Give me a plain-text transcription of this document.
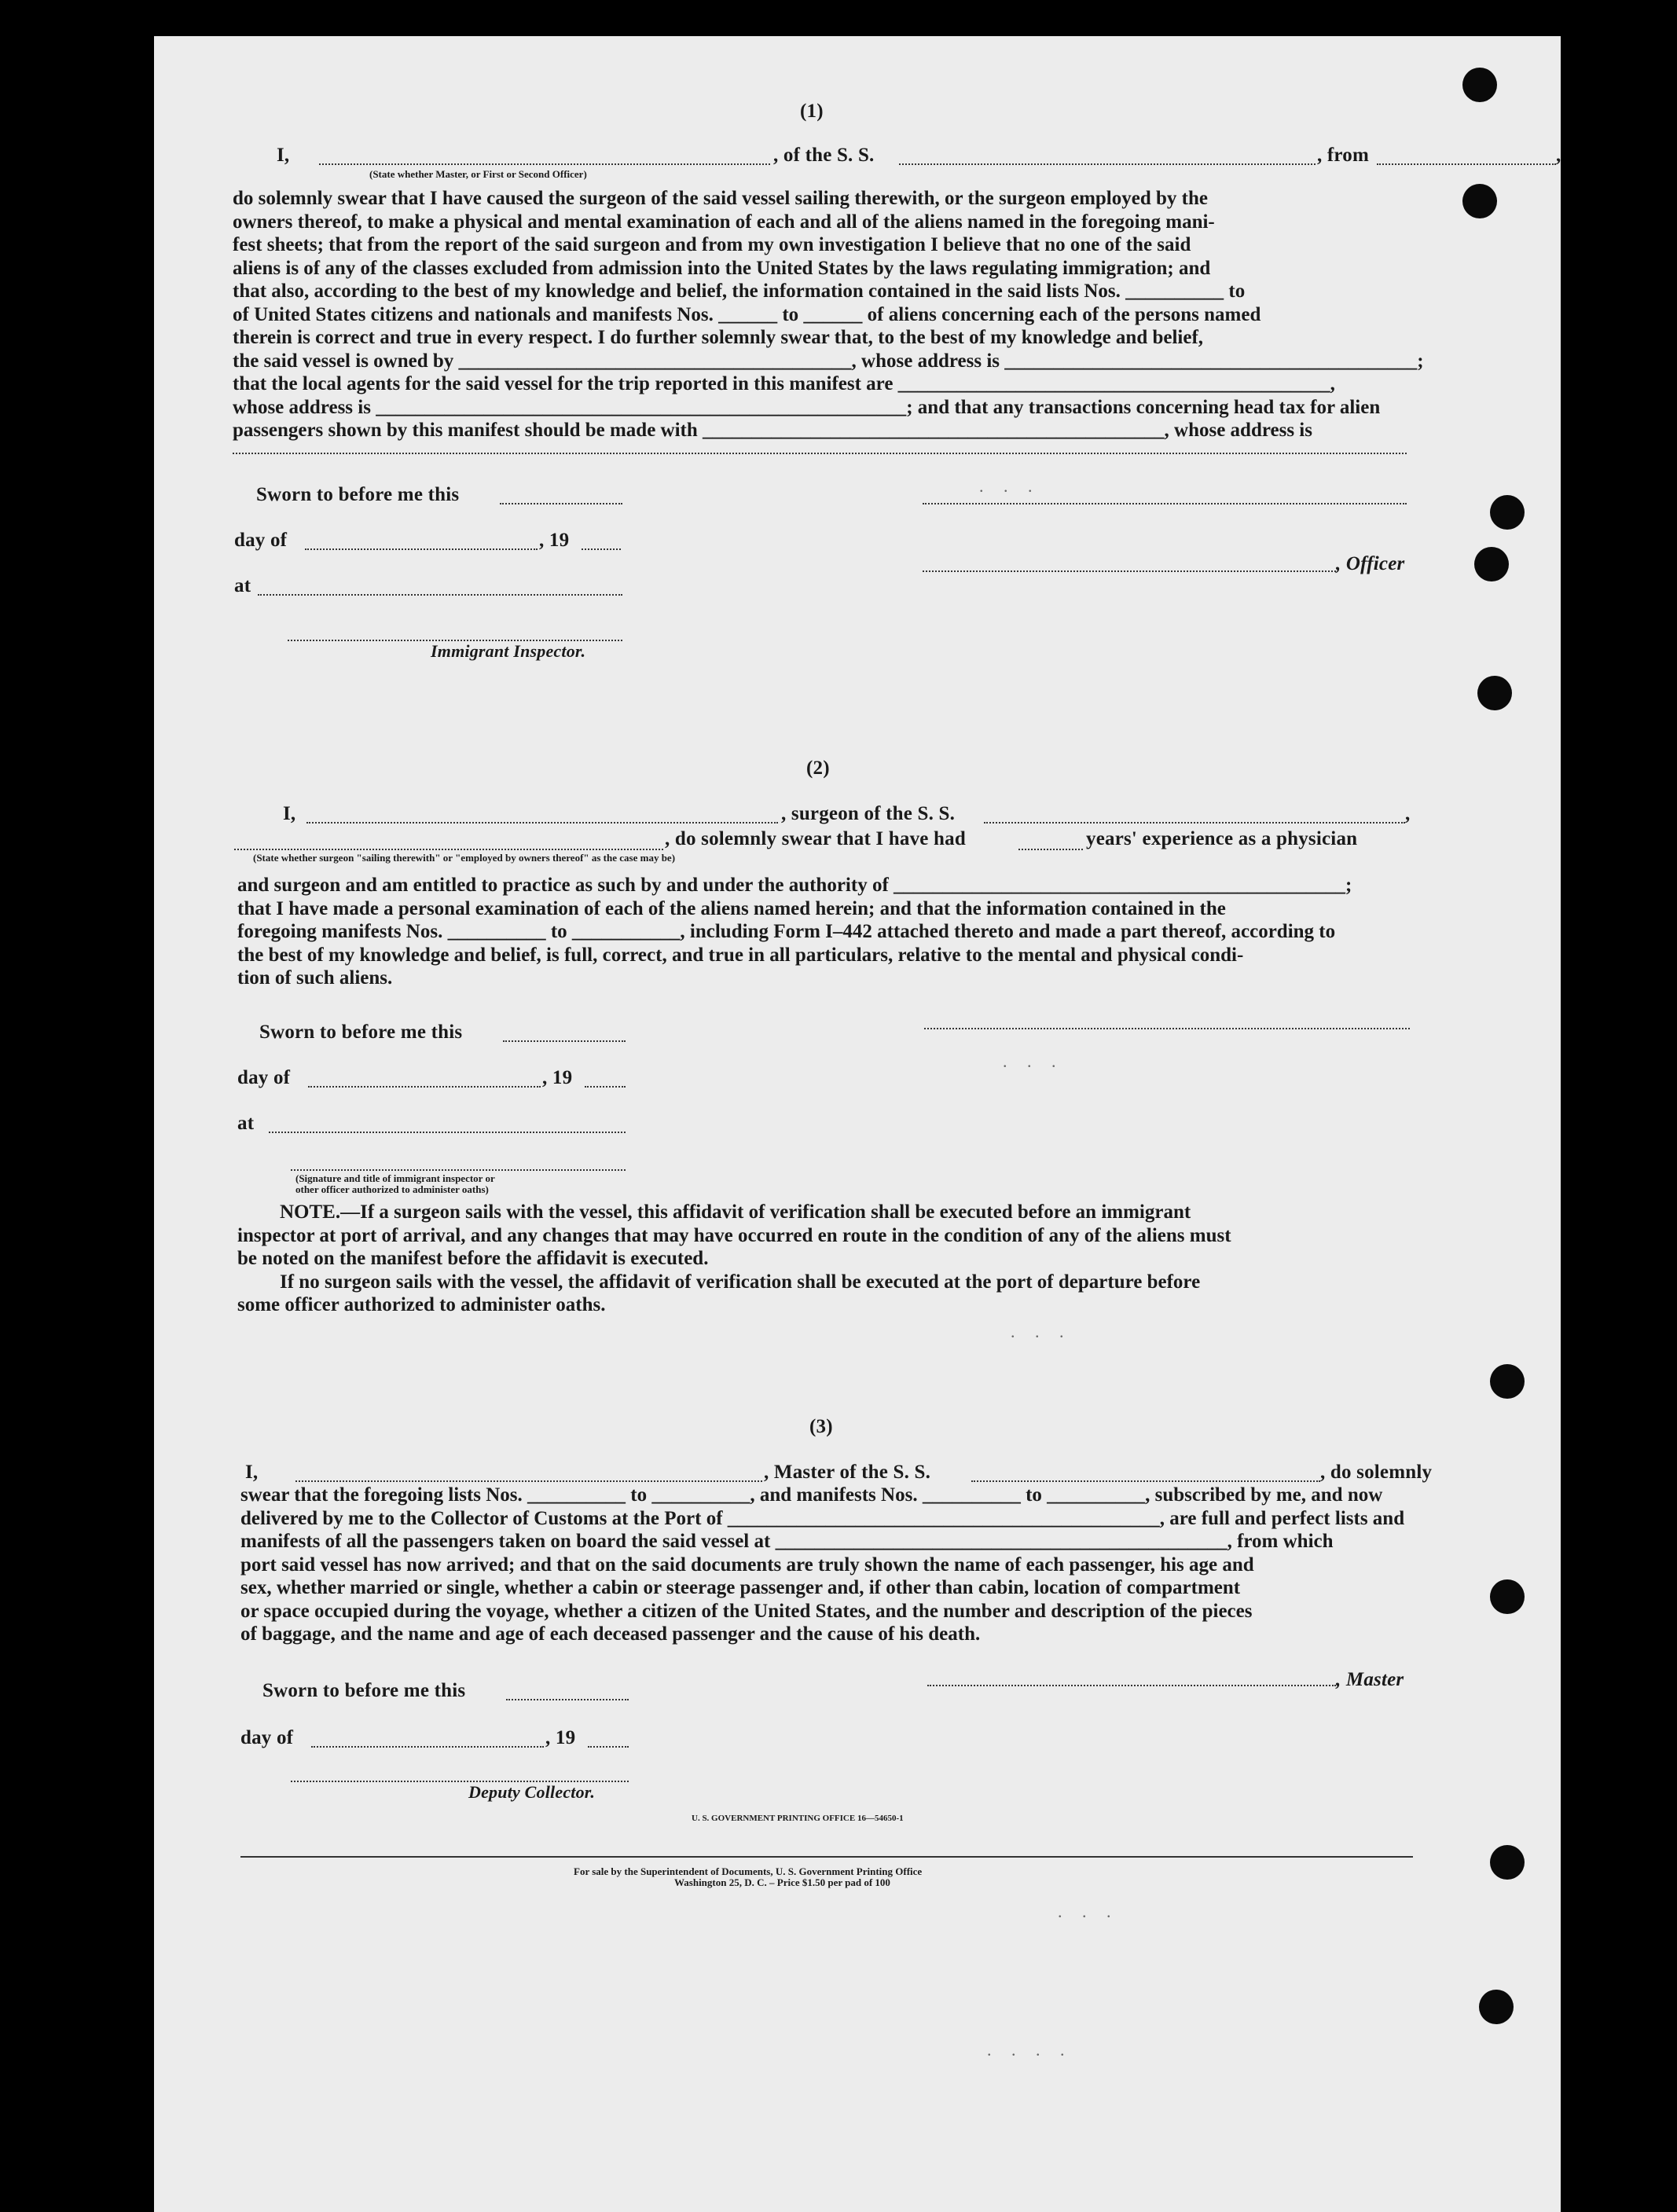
(1)
I,	, of the S. S.	, from	,
(State whether Master, or First or Second Officer)
do solemnly swear that I have caused the surgeon of the said vessel sailing therewith, or the surgeon employed by the
owners thereof, to make a physical and mental examination of each and all of the aliens named in the foregoing mani-
fest sheets; that from the report of the said surgeon and from my own investigation I believe that no one of the said
aliens is of any of the classes excluded from admission into the United States by the laws regulating immigration; and
that also, according to the best of my knowledge and belief, the information contained in the said lists Nos. __________ to
of United States citizens and nationals and manifests Nos. ______ to ______ of aliens concerning each of the persons named
therein is correct and true in every respect. I do further solemnly swear that, to the best of my knowledge and belief,
the said vessel is owned by ________________________________________, whose address is __________________________________________;
that the local agents for the said vessel for the trip reported in this manifest are ____________________________________________,
whose address is ______________________________________________________; and that any transactions concerning head tax for alien
passengers shown by this manifest should be made with _______________________________________________, whose address is
Sworn to before me this
day of	, 19
, Officer
at
Immigrant Inspector.
(2)
I,	, surgeon of the S. S.	,
, do solemnly swear that I have had	years' experience as a physician
(State whether surgeon "sailing therewith" or "employed by owners thereof" as the case may be)
and surgeon and am entitled to practice as such by and under the authority of ______________________________________________;
that I have made a personal examination of each of the aliens named herein; and that the information contained in the
foregoing manifests Nos. __________ to ___________, including Form I–442 attached thereto and made a part thereof, according to
the best of my knowledge and belief, is full, correct, and true in all particulars, relative to the mental and physical condi-
tion of such aliens.
Sworn to before me this
day of	, 19
at
(Signature and title of immigrant inspector or
other officer authorized to administer oaths)
NOTE.—If a surgeon sails with the vessel, this affidavit of verification shall be executed before an immigrant
inspector at port of arrival, and any changes that may have occurred en route in the condition of any of the aliens must
be noted on the manifest before the affidavit is executed.
If no surgeon sails with the vessel, the affidavit of verification shall be executed at the port of departure before
some officer authorized to administer oaths.
(3)
I,	, Master of the S. S.	, do solemnly
swear that the foregoing lists Nos. __________ to __________, and manifests Nos. __________ to __________, subscribed by me, and now
delivered by me to the Collector of Customs at the Port of ____________________________________________, are full and perfect lists and
manifests of all the passengers taken on board the said vessel at ______________________________________________, from which
port said vessel has now arrived; and that on the said documents are truly shown the name of each passenger, his age and
sex, whether married or single, whether a cabin or steerage passenger and, if other than cabin, location of compartment
or space occupied during the voyage, whether a citizen of the United States, and the number and description of the pieces
of baggage, and the name and age of each deceased passenger and the cause of his death.
Sworn to before me this
, Master
day of	, 19
Deputy Collector.
U. S. GOVERNMENT PRINTING OFFICE 16—54650-1
For sale by the Superintendent of Documents, U. S. Government Printing Office
Washington 25, D. C. – Price $1.50 per pad of 100
. . .
. . .
. . .
. . .
. . . .
